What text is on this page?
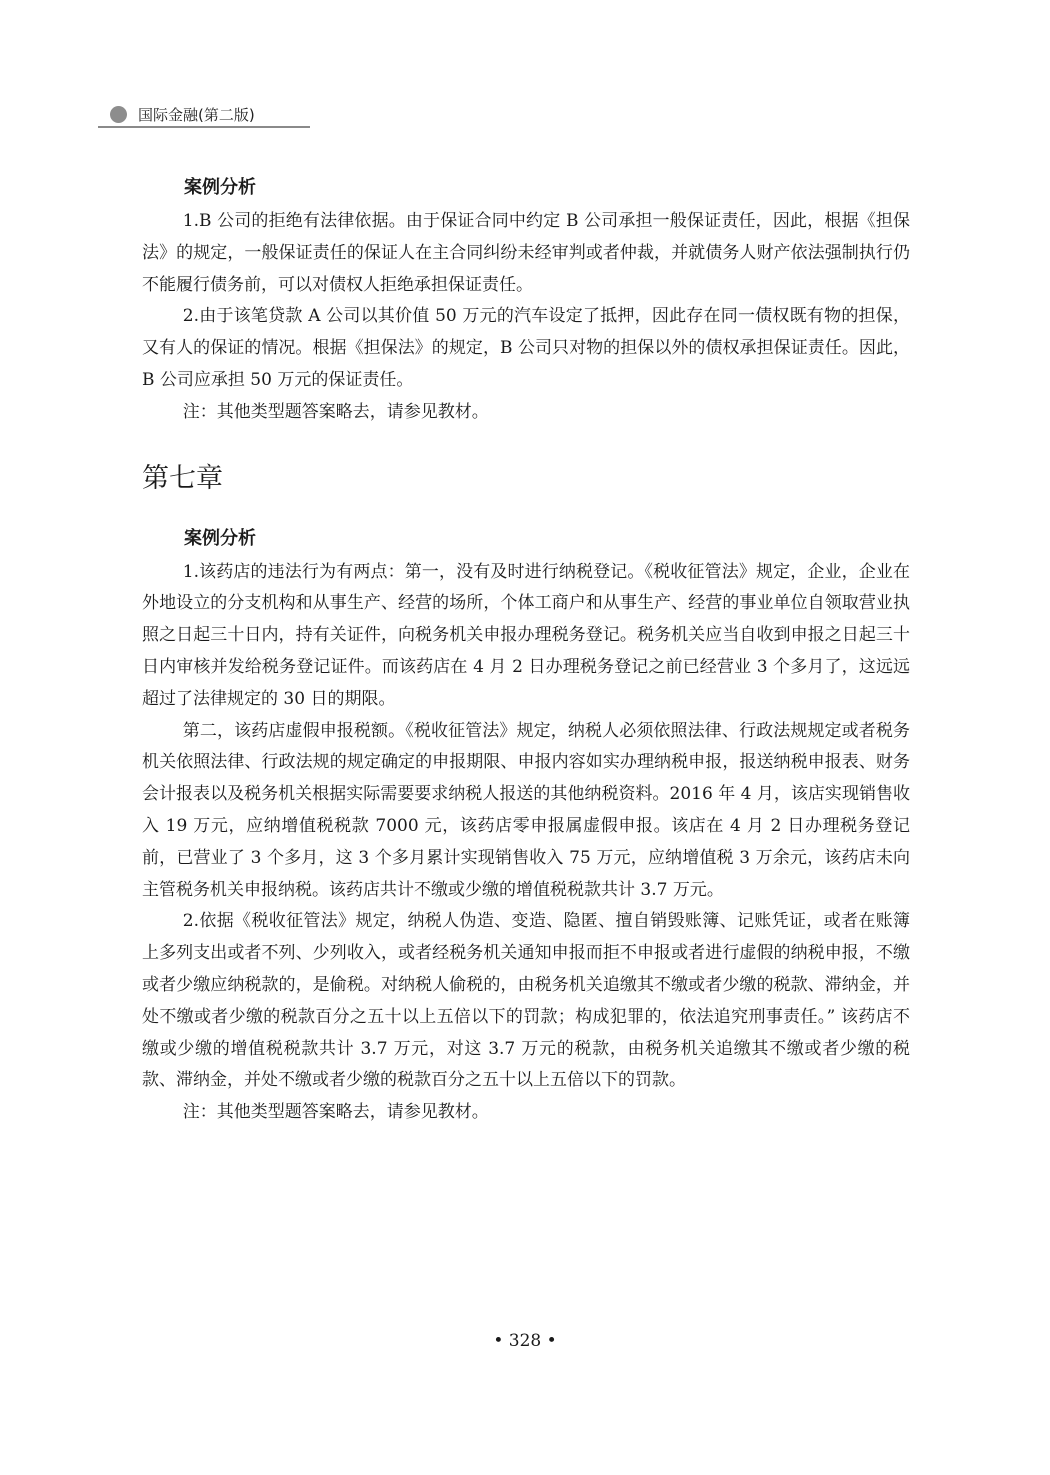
国际金融(第二版)
案例分析

1.B 公司的拒绝有法律依据。由于保证合同中约定 B 公司承担一般保证责任，因此，根据《担保法》的规定，一般保证责任的保证人在主合同纠纷未经审判或者仲裁，并就债务人财产依法强制执行仍不能履行债务前，可以对债权人拒绝承担保证责任。

2.由于该笔贷款 A 公司以其价值 50 万元的汽车设定了抵押，因此存在同一债权既有物的担保，又有人的保证的情况。根据《担保法》的规定，B 公司只对物的担保以外的债权承担保证责任。因此，B 公司应承担 50 万元的保证责任。

注：其他类型题答案略去，请参见教材。

第七章
案例分析

1.该药店的违法行为有两点：第一，没有及时进行纳税登记。《税收征管法》规定，企业，企业在外地设立的分支机构和从事生产、经营的场所，个体工商户和从事生产、经营的事业单位自领取营业执照之日起三十日内，持有关证件，向税务机关申报办理税务登记。税务机关应当自收到申报之日起三十日内审核并发给税务登记证件。而该药店在 4 月 2 日办理税务登记之前已经营业 3 个多月了，这远远超过了法律规定的 30 日的期限。

第二，该药店虚假申报税额。《税收征管法》规定，纳税人必须依照法律、行政法规规定或者税务机关依照法律、行政法规的规定确定的申报期限、申报内容如实办理纳税申报，报送纳税申报表、财务会计报表以及税务机关根据实际需要要求纳税人报送的其他纳税资料。2016 年 4 月，该店实现销售收入 19 万元，应纳增值税税款 7000 元，该药店零申报属虚假申报。该店在 4 月 2 日办理税务登记前，已营业了 3 个多月，这 3 个多月累计实现销售收入 75 万元，应纳增值税 3 万余元，该药店未向主管税务机关申报纳税。该药店共计不缴或少缴的增值税税款共计 3.7 万元。

2.依据《税收征管法》规定，纳税人伪造、变造、隐匿、擅自销毁账簿、记账凭证，或者在账簿上多列支出或者不列、少列收入，或者经税务机关通知申报而拒不申报或者进行虚假的纳税申报，不缴或者少缴应纳税款的，是偷税。对纳税人偷税的，由税务机关追缴其不缴或者少缴的税款、滞纳金，并处不缴或者少缴的税款百分之五十以上五倍以下的罚款；构成犯罪的，依法追究刑事责任。” 该药店不缴或少缴的增值税税款共计 3.7 万元，对这 3.7 万元的税款，由税务机关追缴其不缴或者少缴的税款、滞纳金，并处不缴或者少缴的税款百分之五十以上五倍以下的罚款。

注：其他类型题答案略去，请参见教材。

• 328 •
